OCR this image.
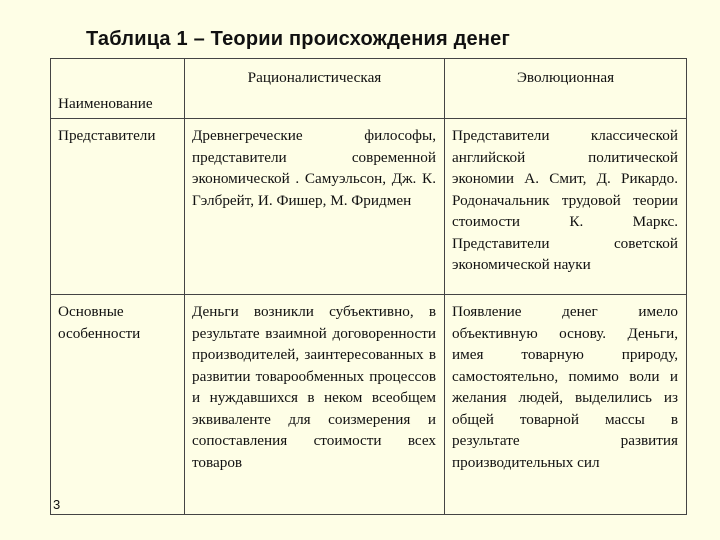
Таблица 1 – Теории происхождения денег
Наименование	Рационалистическая	Эволюционная
Представители	Древнегреческие философы, представители современной экономической . Самуэльсон, Дж. К. Гэлбрейт, И. Фишер, М. Фридмен	Представители классической английской политической экономии А. Смит, Д. Рикардо. Родоначальник трудовой теории стоимости К. Маркс. Представители советской экономической науки
Основные особенности	Деньги возникли субъективно, в результате взаимной договоренности производителей, заинтересованных в развитии товарообменных процессов и нуждавшихся в неком всеобщем эквиваленте для соизмерения и сопоставления стоимости всех товаров	Появление денег имело объективную основу. Деньги, имея товарную природу, самостоятельно, помимо воли и желания людей, выделились из общей товарной массы в результате развития производительных сил
3
